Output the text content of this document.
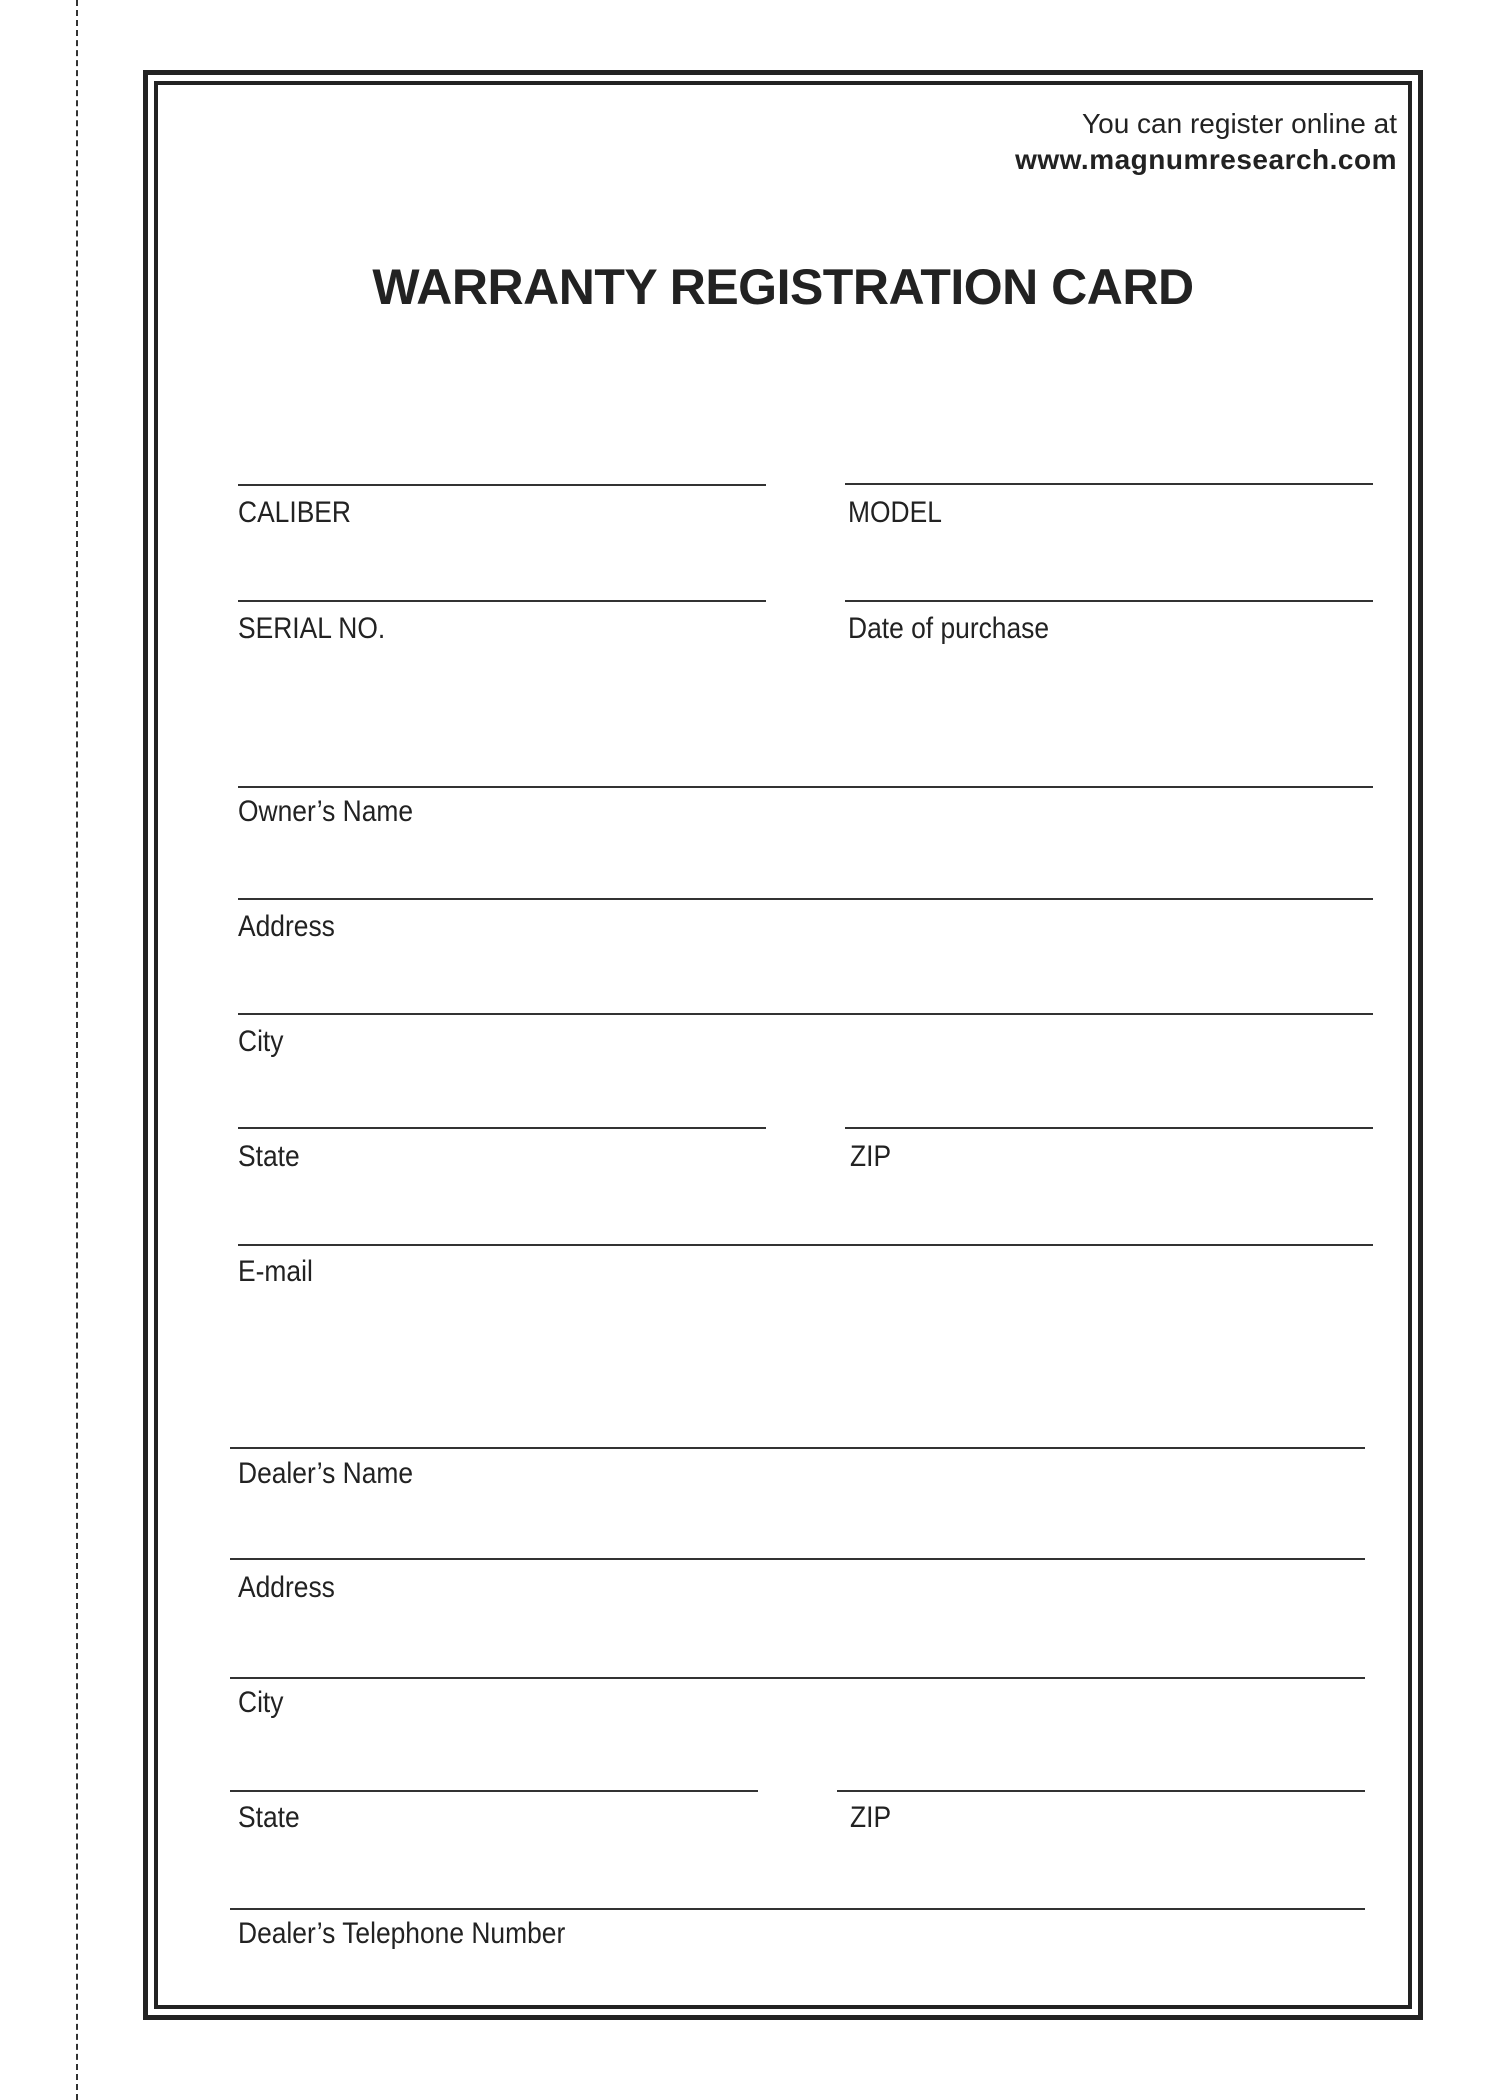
You can register online at
www.magnumresearch.com
WARRANTY REGISTRATION CARD
CALIBER	MODEL
SERIAL NO.	Date of purchase
Owner’s Name
Address
City
State	ZIP
E-mail
Dealer’s Name
Address
City
State	ZIP
Dealer’s Telephone Number
